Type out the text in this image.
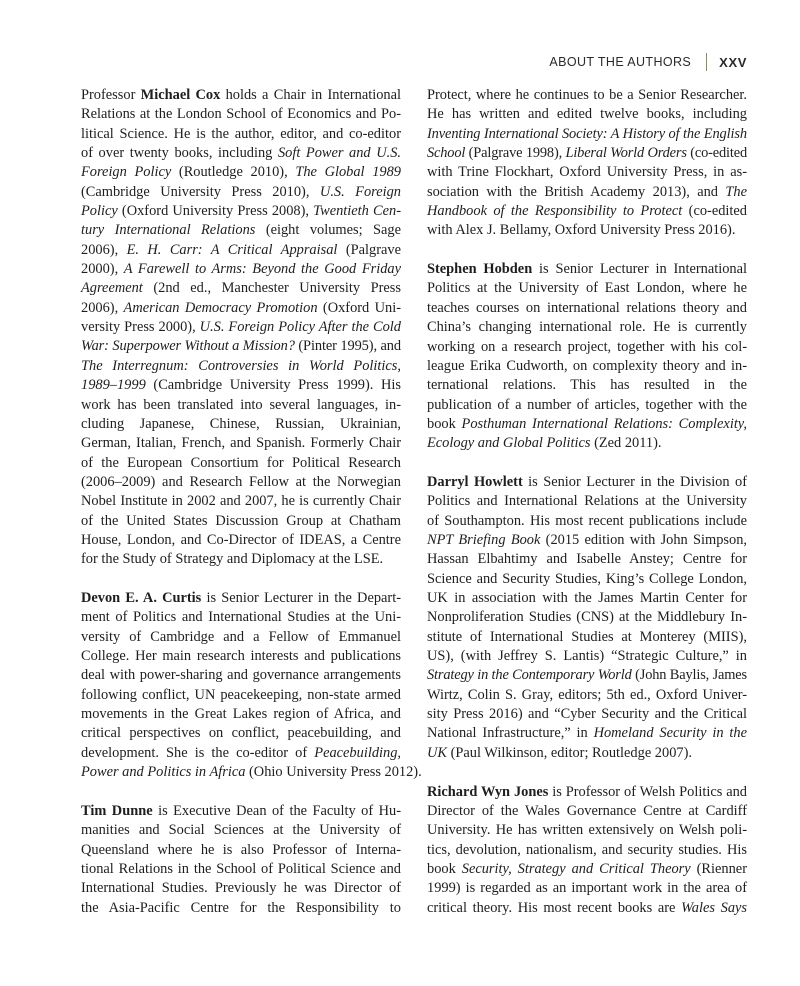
ABOUT THE AUTHORS XXV
Professor Michael Cox holds a Chair in International
Relations at the London School of Economics and Po-
litical Science. He is the author, editor, and co-editor
of over twenty books, including Soft Power and U.S.
Foreign Policy (Routledge 2010), The Global 1989
(Cambridge University Press 2010), U.S. Foreign
Policy (Oxford University Press 2008), Twentieth Cen-
tury International Relations (eight volumes; Sage
2006), E. H. Carr: A Critical Appraisal (Palgrave
2000), A Farewell to Arms: Beyond the Good Friday
Agreement (2nd ed., Manchester University Press
2006), American Democracy Promotion (Oxford Uni-
versity Press 2000), U.S. Foreign Policy After the Cold
War: Superpower Without a Mission? (Pinter 1995), and
The Interregnum: Controversies in World Politics,
1989–1999 (Cambridge University Press 1999). His
work has been translated into several languages, in-
cluding Japanese, Chinese, Russian, Ukrainian,
German, Italian, French, and Spanish. Formerly Chair
of the European Consortium for Political Research
(2006–2009) and Research Fellow at the Norwegian
Nobel Institute in 2002 and 2007, he is currently Chair
of the United States Discussion Group at Chatham
House, London, and Co-Director of IDEAS, a Centre
for the Study of Strategy and Diplomacy at the LSE.
Devon E. A. Curtis is Senior Lecturer in the Depart-
ment of Politics and International Studies at the Uni-
versity of Cambridge and a Fellow of Emmanuel
College. Her main research interests and publications
deal with power-sharing and governance arrangements
following conflict, UN peacekeeping, non-state armed
movements in the Great Lakes region of Africa, and
critical perspectives on conflict, peacebuilding, and
development. She is the co-editor of Peacebuilding,
Power and Politics in Africa (Ohio University Press 2012).
Tim Dunne is Executive Dean of the Faculty of Hu-
manities and Social Sciences at the University of
Queensland where he is also Professor of Interna-
tional Relations in the School of Political Science and
International Studies. Previously he was Director of
the Asia-Pacific Centre for the Responsibility to
Protect, where he continues to be a Senior Researcher.
He has written and edited twelve books, including
Inventing International Society: A History of the English
School (Palgrave 1998), Liberal World Orders (co-edited
with Trine Flockhart, Oxford University Press, in as-
sociation with the British Academy 2013), and The
Handbook of the Responsibility to Protect (co-edited
with Alex J. Bellamy, Oxford University Press 2016).
Stephen Hobden is Senior Lecturer in International
Politics at the University of East London, where he
teaches courses on international relations theory and
China’s changing international role. He is currently
working on a research project, together with his col-
league Erika Cudworth, on complexity theory and in-
ternational relations. This has resulted in the
publication of a number of articles, together with the
book Posthuman International Relations: Complexity,
Ecology and Global Politics (Zed 2011).
Darryl Howlett is Senior Lecturer in the Division of
Politics and International Relations at the University
of Southampton. His most recent publications include
NPT Briefing Book (2015 edition with John Simpson,
Hassan Elbahtimy and Isabelle Anstey; Centre for
Science and Security Studies, King’s College London,
UK in association with the James Martin Center for
Nonproliferation Studies (CNS) at the Middlebury In-
stitute of International Studies at Monterey (MIIS),
US), (with Jeffrey S. Lantis) “Strategic Culture,” in
Strategy in the Contemporary World (John Baylis, James
Wirtz, Colin S. Gray, editors; 5th ed., Oxford Univer-
sity Press 2016) and “Cyber Security and the Critical
National Infrastructure,” in Homeland Security in the
UK (Paul Wilkinson, editor; Routledge 2007).
Richard Wyn Jones is Professor of Welsh Politics and
Director of the Wales Governance Centre at Cardiff
University. He has written extensively on Welsh poli-
tics, devolution, nationalism, and security studies. His
book Security, Strategy and Critical Theory (Rienner
1999) is regarded as an important work in the area of
critical theory. His most recent books are Wales Says
